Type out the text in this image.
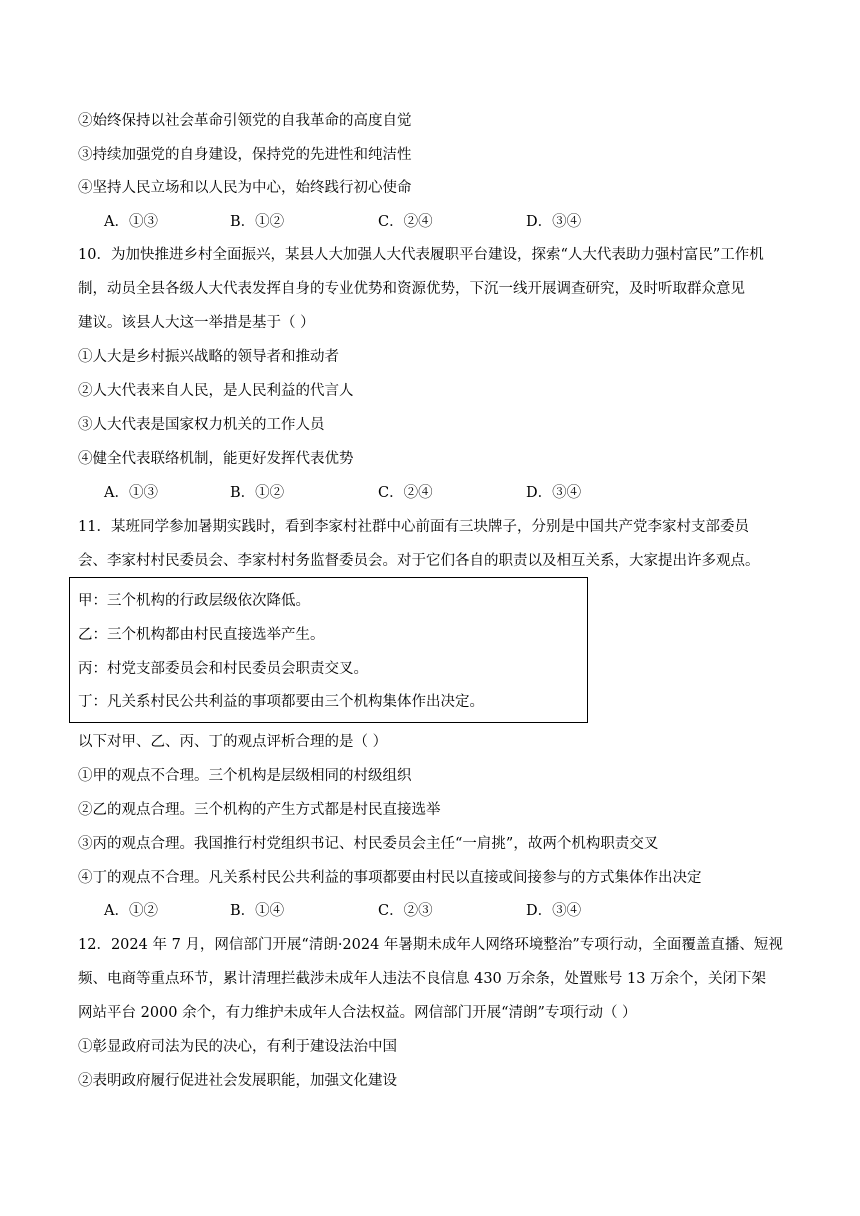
②始终保持以社会革命引领党的自我革命的高度自觉
③持续加强党的自身建设，保持党的先进性和纯洁性
④坚持人民立场和以人民为中心，始终践行初心使命
A．①③	B．①②	C．②④	D．③④
10．为加快推进乡村全面振兴，某县人大加强人大代表履职平台建设，探索“人大代表助力强村富民”工作机
制，动员全县各级人大代表发挥自身的专业优势和资源优势，下沉一线开展调查研究，及时听取群众意见
建议。该县人大这一举措是基于（ ）
①人大是乡村振兴战略的领导者和推动者
②人大代表来自人民，是人民利益的代言人
③人大代表是国家权力机关的工作人员
④健全代表联络机制，能更好发挥代表优势
A．①③	B．①②	C．②④	D．③④
11．某班同学参加暑期实践时，看到李家村社群中心前面有三块牌子，分别是中国共产党李家村支部委员
会、李家村村民委员会、李家村村务监督委员会。对于它们各自的职责以及相互关系，大家提出许多观点。
甲：三个机构的行政层级依次降低。
乙：三个机构都由村民直接选举产生。
丙：村党支部委员会和村民委员会职责交叉。
丁：凡关系村民公共利益的事项都要由三个机构集体作出决定。
以下对甲、乙、丙、丁的观点评析合理的是（ ）
①甲的观点不合理。三个机构是层级相同的村级组织
②乙的观点合理。三个机构的产生方式都是村民直接选举
③丙的观点合理。我国推行村党组织书记、村民委员会主任“一肩挑”，故两个机构职责交叉
④丁的观点不合理。凡关系村民公共利益的事项都要由村民以直接或间接参与的方式集体作出决定
A．①②	B．①④	C．②③	D．③④
12．2024 年 7 月，网信部门开展“清朗·2024 年暑期未成年人网络环境整治”专项行动，全面覆盖直播、短视
频、电商等重点环节，累计清理拦截涉未成年人违法不良信息 430 万余条，处置账号 13 万余个，关闭下架
网站平台 2000 余个，有力维护未成年人合法权益。网信部门开展“清朗”专项行动（ ）
①彰显政府司法为民的决心，有利于建设法治中国
②表明政府履行促进社会发展职能，加强文化建设
